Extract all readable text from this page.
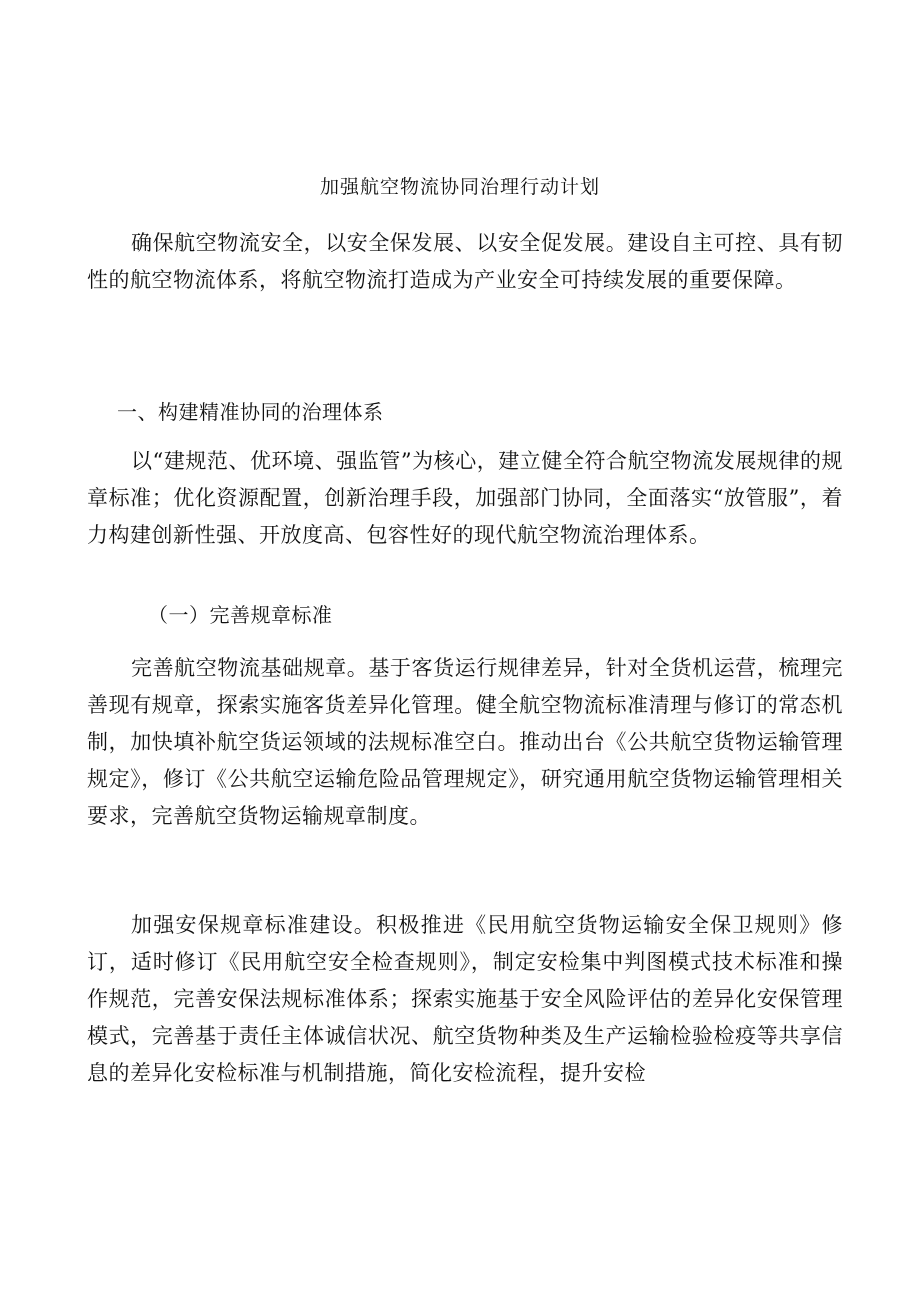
加强航空物流协同治理行动计划

确保航空物流安全，以安全保发展、以安全促发展。建设自主可控、具有韧性的航空物流体系，将航空物流打造成为产业安全可持续发展的重要保障。

一、构建精准协同的治理体系

以“建规范、优环境、强监管”为核心，建立健全符合航空物流发展规律的规章标准；优化资源配置，创新治理手段，加强部门协同，全面落实“放管服”，着力构建创新性强、开放度高、包容性好的现代航空物流治理体系。

（一）完善规章标准

完善航空物流基础规章。基于客货运行规律差异，针对全货机运营，梳理完善现有规章，探索实施客货差异化管理。健全航空物流标准清理与修订的常态机制，加快填补航空货运领域的法规标准空白。推动出台《公共航空货物运输管理规定》，修订《公共航空运输危险品管理规定》，研究通用航空货物运输管理相关要求，完善航空货物运输规章制度。

加强安保规章标准建设。积极推进《民用航空货物运输安全保卫规则》修订，适时修订《民用航空安全检查规则》，制定安检集中判图模式技术标准和操作规范，完善安保法规标准体系；探索实施基于安全风险评估的差异化安保管理模式，完善基于责任主体诚信状况、航空货物种类及生产运输检验检疫等共享信息的差异化安检标准与机制措施，简化安检流程，提升安检
